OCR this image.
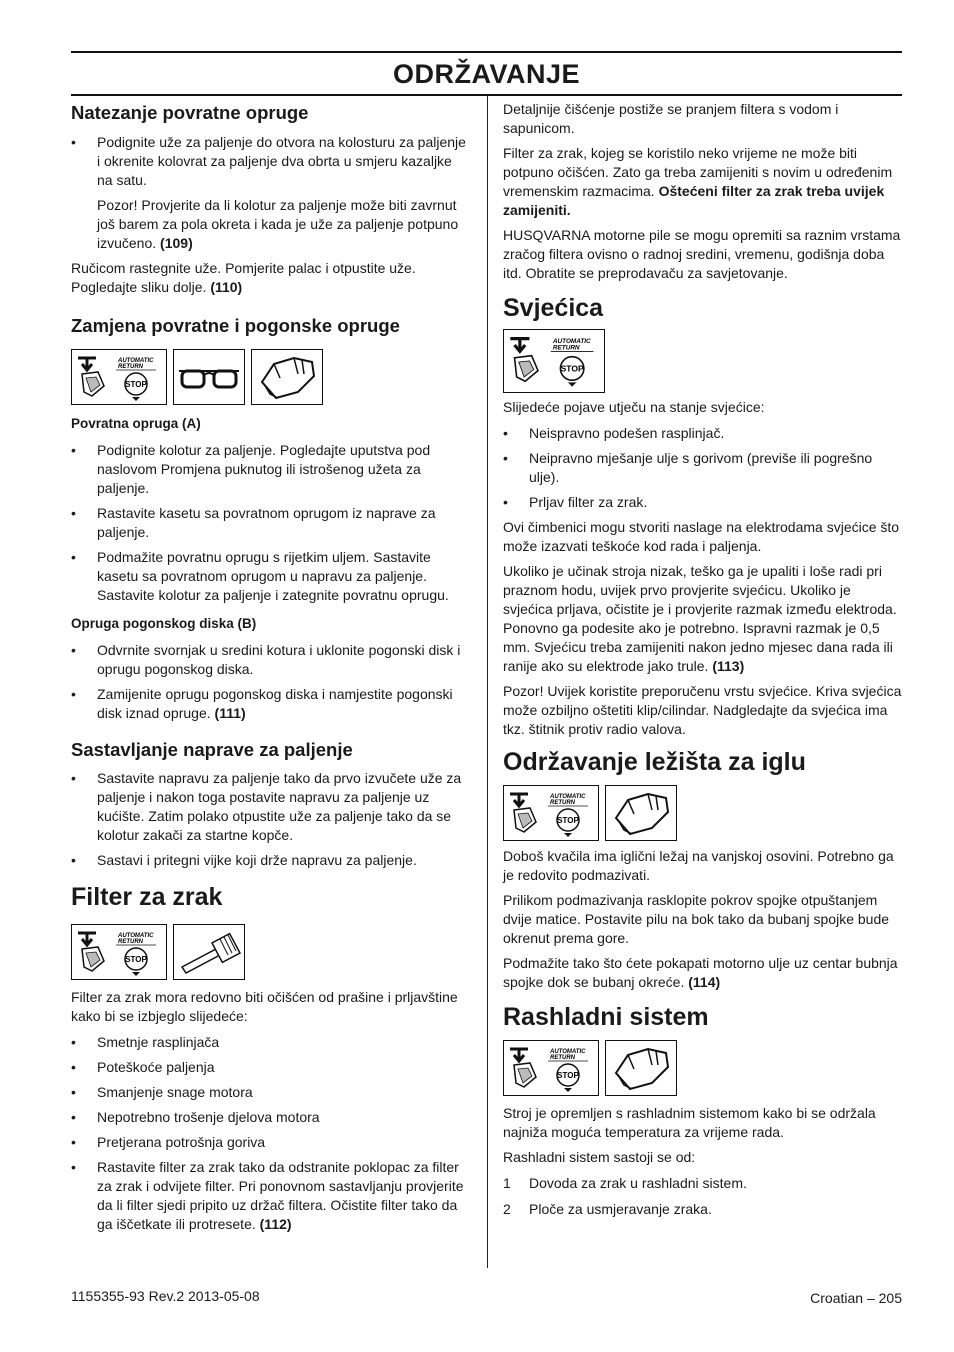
ODRŽAVANJE
Natezanje povratne opruge
• Podignite uže za paljenje do otvora na kolosturu za paljenje i okrenite kolovrat za paljenje dva obrta u smjeru kazaljke na satu.

Pozor! Provjerite da li kolotur za paljenje može biti zavrnut još barem za pola okreta i kada je uže za paljenje potpuno izvučeno. (109)

Ručicom rastegnite uže. Pomjerite palac i otpustite uže. Pogledajte sliku dolje. (110)

Zamjena povratne i pogonske opruge
AUTOMATIC
RETURN
STOP
Povratna opruga (A)
• Podignite kolotur za paljenje. Pogledajte uputstva pod naslovom Promjena puknutog ili istrošenog užeta za paljenje.
• Rastavite kasetu sa povratnom oprugom iz naprave za paljenje.
• Podmažite povratnu oprugu s rijetkim uljem. Sastavite kasetu sa povratnom oprugom u napravu za paljenje. Sastavite kolotur za paljenje i zategnite povratnu oprugu.
Opruga pogonskog diska (B)
• Odvrnite svornjak u sredini kotura i uklonite pogonski disk i oprugu pogonskog diska.
• Zamijenite oprugu pogonskog diska i namjestite pogonski disk iznad opruge. (111)
Sastavljanje naprave za paljenje
• Sastavite napravu za paljenje tako da prvo izvučete uže za paljenje i nakon toga postavite napravu za paljenje uz kućište. Zatim polako otpustite uže za paljenje tako da se kolotur zakači za startne kopče.
• Sastavi i pritegni vijke koji drže napravu za paljenje.
Filter za zrak
AUTOMATIC
RETURN
STOP

Filter za zrak mora redovno biti očišćen od prašine i prljavštine kako bi se izbjeglo slijedeće:

• Smetnje rasplinjača
• Poteškoće paljenja
• Smanjenje snage motora
• Nepotrebno trošenje djelova motora
• Pretjerana potrošnja goriva
• Rastavite filter za zrak tako da odstranite poklopac za filter za zrak i odvijete filter. Pri ponovnom sastavljanju provjerite da li filter sjedi pripito uz držač filtera. Očistite filter tako da ga iščetkate ili protresete. (112)

Detaljnije čišćenje postiže se pranjem filtera s vodom i sapunicom.

Filter za zrak, kojeg se koristilo neko vrijeme ne može biti potpuno očišćen. Zato ga treba zamijeniti s novim u određenim vremenskim razmacima. Oštećeni filter za zrak treba uvijek zamijeniti.

HUSQVARNA motorne pile se mogu opremiti sa raznim vrstama zračog filtera ovisno o radnoj sredini, vremenu, godišnja doba itd. Obratite se preprodavaču za savjetovanje.

Svjećica
AUTOMATIC
RETURN
STOP

Slijedeće pojave utječu na stanje svjećice:

• Neispravno podešen rasplinjač.
• Neipravno mješanje ulje s gorivom (previše ili pogrešno ulje).
• Prljav filter za zrak.

Ovi čimbenici mogu stvoriti naslage na elektrodama svjećice što može izazvati teškoće kod rada i paljenja.

Ukoliko je učinak stroja nizak, teško ga je upaliti i loše radi pri praznom hodu, uvijek prvo provjerite svjećicu. Ukoliko je svjećica prljava, očistite je i provjerite razmak između elektroda. Ponovno ga podesite ako je potrebno. Ispravni razmak je 0,5 mm. Svjećicu treba zamijeniti nakon jedno mjesec dana rada ili ranije ako su elektrode jako trule. (113)

Pozor! Uvijek koristite preporučenu vrstu svjećice. Kriva svjećica može ozbiljno oštetiti klip/cilindar. Nadgledajte da svjećica ima tkz. štitnik protiv radio valova.

Održavanje ležišta za iglu
AUTOMATIC
RETURN
STOP

Doboš kvačila ima iglični ležaj na vanjskoj osovini. Potrebno ga je redovito podmazivati.

Prilikom podmazivanja rasklopite pokrov spojke otpuštanjem dvije matice. Postavite pilu na bok tako da bubanj spojke bude okrenut prema gore.

Podmažite tako što ćete pokapati motorno ulje uz centar bubnja spojke dok se bubanj okreće. (114)

Rashladni sistem
AUTOMATIC
RETURN
STOP

Stroj je opremljen s rashladnim sistemom kako bi se održala najniža moguća temperatura za vrijeme rada.

Rashladni sistem sastoji se od:

1 Dovoda za zrak u rashladni sistem.
2 Ploče za usmjeravanje zraka.
1155355-93 Rev.2 2013-05-08	Croatian – 205
